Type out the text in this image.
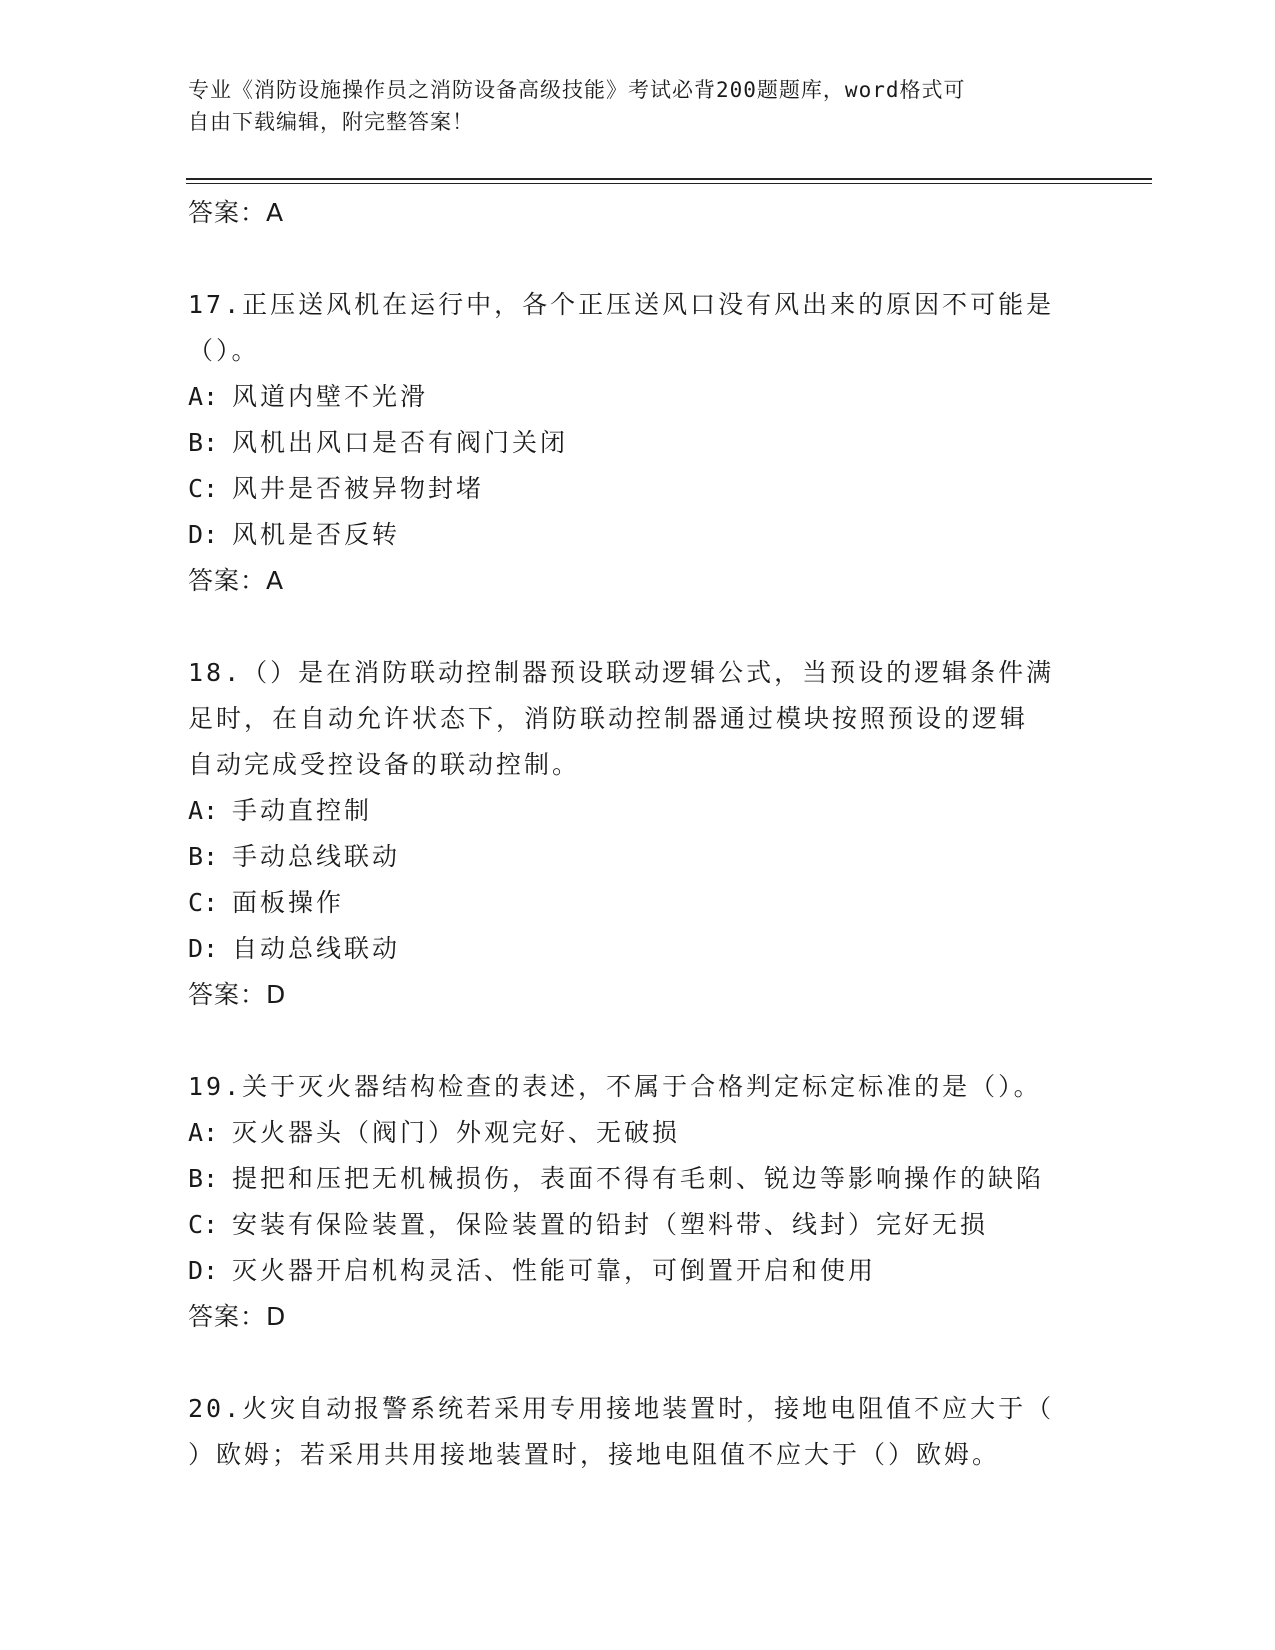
专业《消防设施操作员之消防设备高级技能》考试必背200题题库，word格式可
自由下载编辑，附完整答案！
答案：A
17.正压送风机在运行中，各个正压送风口没有风出来的原因不可能是
（）。
A: 风道内壁不光滑
B: 风机出风口是否有阀门关闭
C: 风井是否被异物封堵
D: 风机是否反转
答案：A
18.（）是在消防联动控制器预设联动逻辑公式，当预设的逻辑条件满
足时，在自动允许状态下，消防联动控制器通过模块按照预设的逻辑
自动完成受控设备的联动控制。
A: 手动直控制
B: 手动总线联动
C: 面板操作
D: 自动总线联动
答案：D
19.关于灭火器结构检查的表述，不属于合格判定标定标准的是（）。
A: 灭火器头（阀门）外观完好、无破损
B: 提把和压把无机械损伤，表面不得有毛刺、锐边等影响操作的缺陷
C: 安装有保险装置，保险装置的铅封（塑料带、线封）完好无损
D: 灭火器开启机构灵活、性能可靠，可倒置开启和使用
答案：D
20.火灾自动报警系统若采用专用接地装置时，接地电阻值不应大于（
）欧姆；若采用共用接地装置时，接地电阻值不应大于（）欧姆。
